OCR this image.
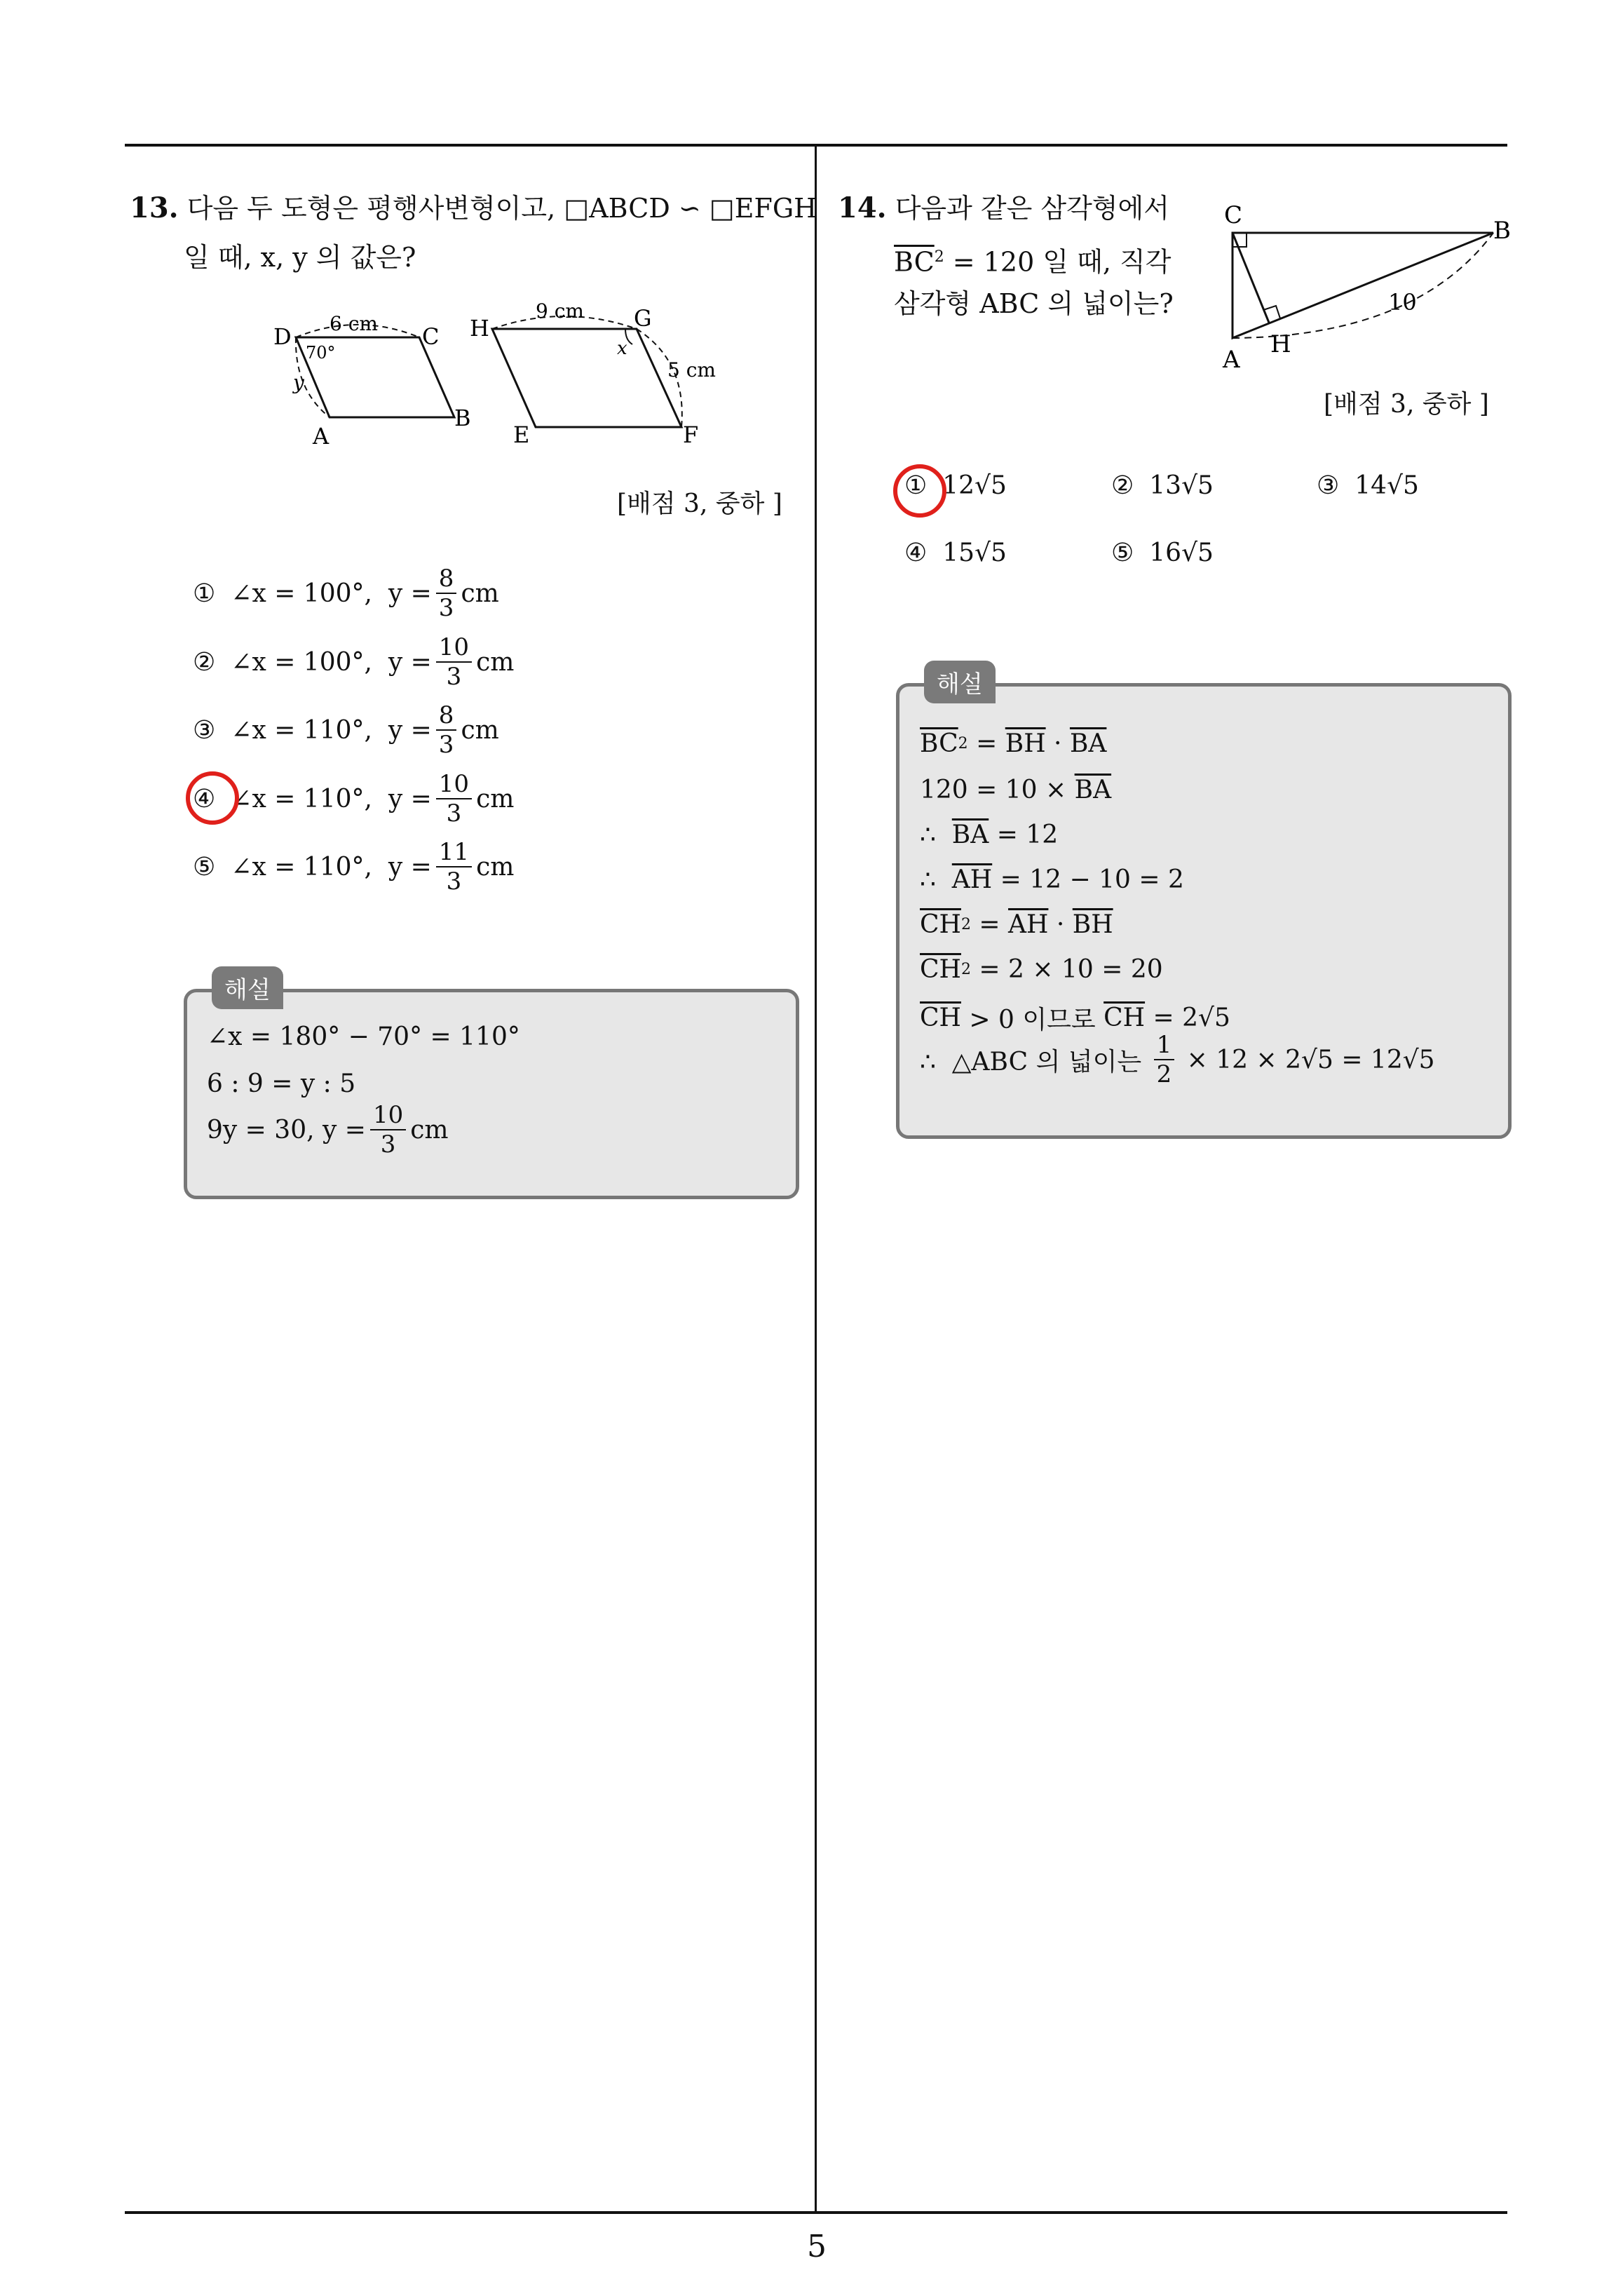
5
13. 다음 두 도형은 평행사변형이고, □ABCD ∽ □EFGH
일 때, x, y 의 값은?
D	C
A
B
6 cm
70°
y
H	G
E	F
9 cm
5 cm
x
[배점 3, 중하 ]
① ∠x = 100°,  $y = \frac{8}{3}$ cm
② ∠x = 100°,  $y = \frac{10}{3}$ cm
③ ∠x = 110°,  $y = \frac{8}{3}$ cm
④ ∠x = 110°,  $y = \frac{10}{3}$ cm
⑤ ∠x = 110°,  $y = \frac{11}{3}$ cm
해설
∠x = 180° − 70° = 110°
6 : 9 = y : 5
9y = 30, $y = \frac{10}{3}$ cm
14. 다음과 같은 삼각형에서
$\overline{BC}^2 = 120$ 일 때, 직각
삼각형 ABC 의 넓이는?
C
B
A
H
10
[배점 3, 중하 ]
① 12√5	② 13√5	③ 14√5
④ 15√5	⑤ 16√5
해설
$\overline{BC}$ $2 = \overline{BH} \cdot \overline{BA}$
$120 = 10 \times \overline{BA}$
∴ $\overline{BA} = 12$
∴ $\overline{AH} = 12 - 10 = 2$
$\overline{CH}$ $2 = \overline{AH} \cdot \overline{BH}$
$\overline{CH}$ 2 = 2 × 10 = 20
$\overline{CH} > 0$ 이므로 $\overline{CH} = 2√5$
∴  △ABC 의 넓이는 $\frac{1}{2} \times 12 \times 2√5 = 12√5$
